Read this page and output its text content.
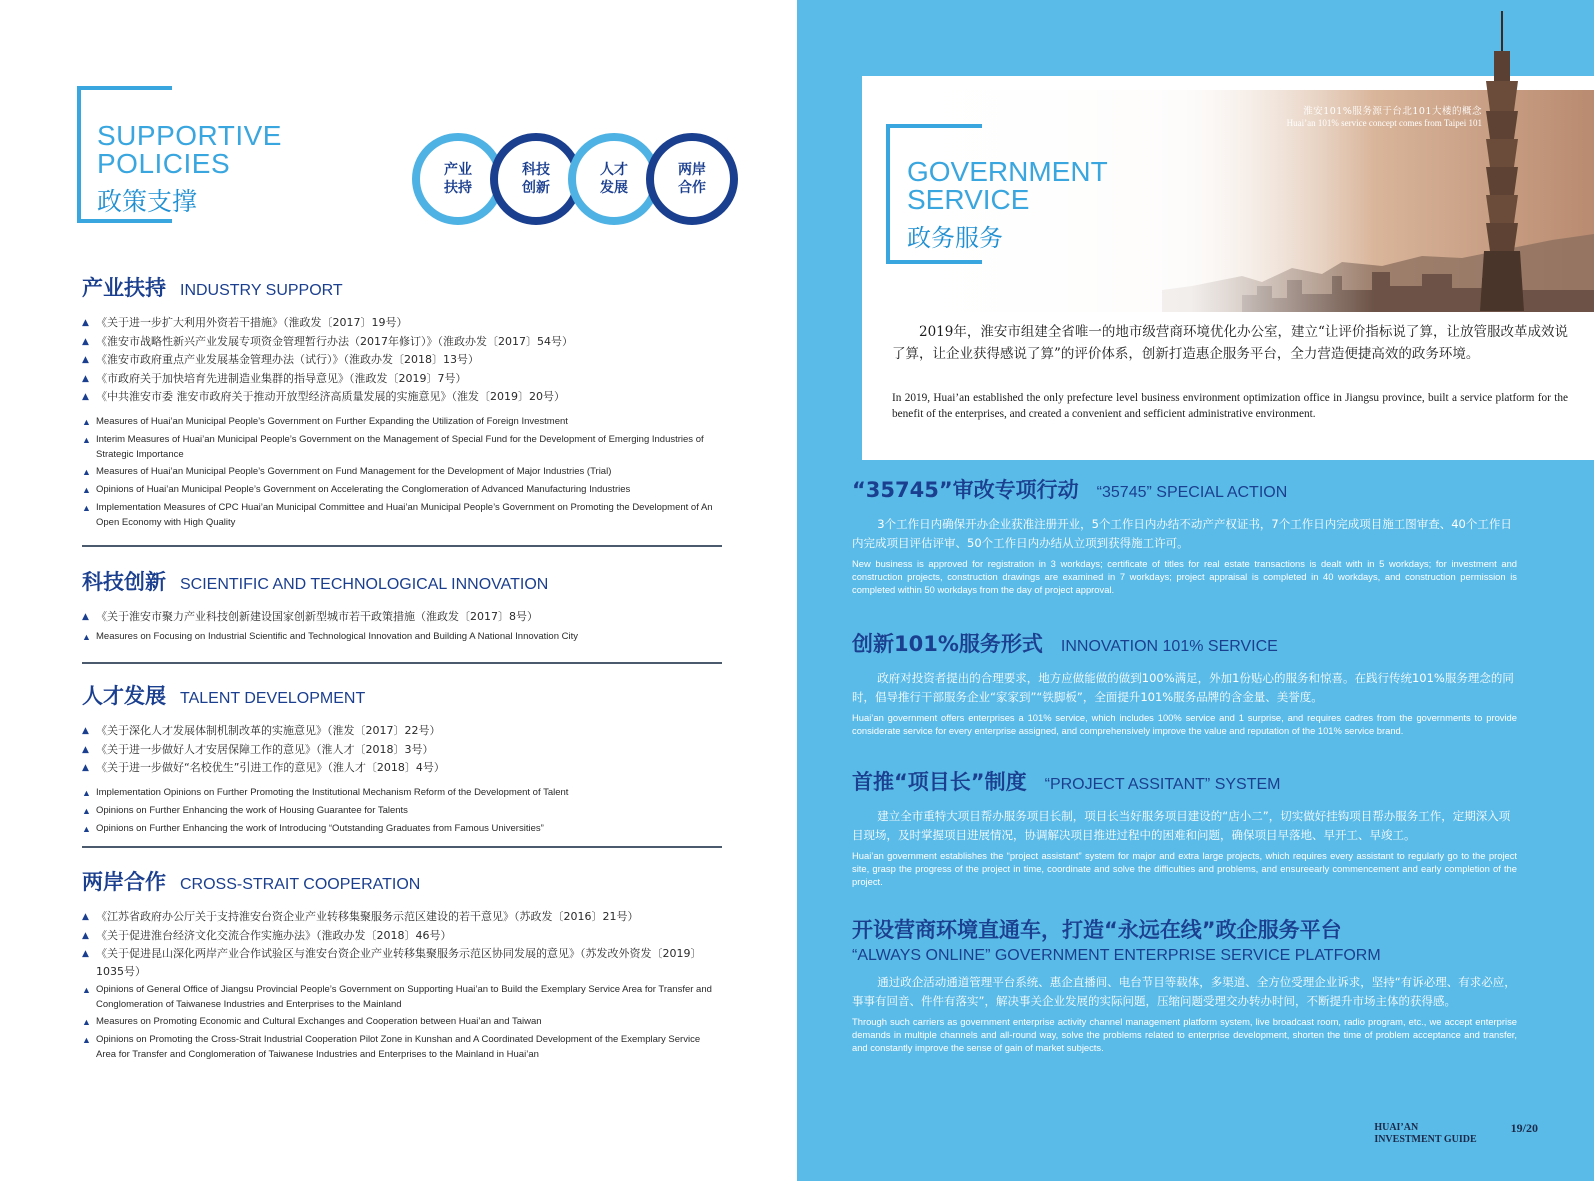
SUPPORTIVE
POLICIES
政策支撑
产业
扶持
科技
创新
人才
发展
两岸
合作
产业扶持 INDUSTRY SUPPORT
▲ 《关于进一步扩大利用外资若干措施》（淮政发〔2017〕19号）
▲ 《淮安市战略性新兴产业发展专项资金管理暂行办法（2017年修订）》（淮政办发〔2017〕54号）
▲ 《淮安市政府重点产业发展基金管理办法（试行）》（淮政办发〔2018〕13号）
▲ 《市政府关于加快培育先进制造业集群的指导意见》（淮政发〔2019〕7号）
▲ 《中共淮安市委 淮安市政府关于推动开放型经济高质量发展的实施意见》（淮发〔2019〕20号）
▲ Measures of Huai’an Municipal People’s Government on Further Expanding the Utilization of Foreign Investment
▲ Interim Measures of Huai’an Municipal People’s Government on the Management of Special Fund for the Development of Emerging Industries of Strategic Importance
▲ Measures of Huai’an Municipal People’s Government on Fund Management for the Development of Major Industries (Trial)
▲ Opinions of Huai’an Municipal People’s Government on Accelerating the Conglomeration of Advanced Manufacturing Industries
▲ Implementation Measures of CPC Huai’an Municipal Committee and Huai’an Municipal People’s Government on Promoting the Development of An Open Economy with High Quality
科技创新 SCIENTIFIC AND TECHNOLOGICAL INNOVATION
▲ 《关于淮安市聚力产业科技创新建设国家创新型城市若干政策措施（淮政发〔2017〕8号）
▲ Measures on Focusing on Industrial Scientific and Technological Innovation and Building A National Innovation City
人才发展 TALENT DEVELOPMENT
▲ 《关于深化人才发展体制机制改革的实施意见》（淮发〔2017〕22号）
▲ 《关于进一步做好人才安居保障工作的意见》（淮人才〔2018〕3号）
▲ 《关于进一步做好“名校优生”引进工作的意见》（淮人才〔2018〕4号）
▲ Implementation Opinions on Further Promoting the Institutional Mechanism Reform of the Development of Talent
▲ Opinions on Further Enhancing the work of Housing Guarantee for Talents
▲ Opinions on Further Enhancing the work of Introducing “Outstanding Graduates from Famous Universities”
两岸合作 CROSS-STRAIT COOPERATION
▲ 《江苏省政府办公厅关于支持淮安台资企业产业转移集聚服务示范区建设的若干意见》（苏政发〔2016〕21号）
▲ 《关于促进淮台经济文化交流合作实施办法》（淮政办发〔2018〕46号）
▲ 《关于促进昆山深化两岸产业合作试验区与淮安台资企业产业转移集聚服务示范区协同发展的意见》（苏发改外资发〔2019〕1035号）
▲ Opinions of General Office of Jiangsu Provincial People’s Government on Supporting Huai’an to Build the Exemplary Service Area for Transfer and Conglomeration of Taiwanese Industries and Enterprises to the Mainland
▲ Measures on Promoting Economic and Cultural Exchanges and Cooperation between Huai’an and Taiwan
▲ Opinions on Promoting the Cross-Strait Industrial Cooperation Pilot Zone in Kunshan and A Coordinated Development of the Exemplary Service Area for Transfer and Conglomeration of Taiwanese Industries and Enterprises to the Mainland in Huai’an
GOVERNMENT
SERVICE
政务服务
淮安101%服务源于台北101大楼的概念
Huai’an 101% service concept comes from Taipei 101
2019年，淮安市组建全省唯一的地市级营商环境优化办公室，建立“让评价指标说了算，让放管服改革成效说了算，让企业获得感说了算”的评价体系，创新打造惠企服务平台，全力营造便捷高效的政务环境。
In 2019, Huai’an established the only prefecture level business environment optimization office in Jiangsu province, built a service platform for the benefit of the enterprises, and created a convenient and sefficient administrative environment.
“35745”审改专项行动 “35745” SPECIAL ACTION
3个工作日内确保开办企业获准注册开业，5个工作日内办结不动产产权证书，7个工作日内完成项目施工图审查、40个工作日内完成项目评估评审、50个工作日内办结从立项到获得施工许可。
New business is approved for registration in 3 workdays; certificate of titles for real estate transactions is dealt with in 5 workdays; for investment and construction projects, construction drawings are examined in 7 workdays; project appraisal is completed in 40 workdays, and construction permission is completed within 50 workdays from the day of project approval.
创新101%服务形式 INNOVATION 101% SERVICE
政府对投资者提出的合理要求，地方应做能做的做到100%满足，外加1份贴心的服务和惊喜。在践行传统101%服务理念的同时，倡导推行干部服务企业“家家到”“铁脚板”，全面提升101%服务品牌的含金量、美誉度。
Huai’an government offers enterprises a 101% service, which includes 100% service and 1 surprise, and requires cadres from the governments to provide considerate service for every enterprise assigned, and comprehensively improve the value and reputation of the 101% service brand.
首推“项目长”制度 “PROJECT ASSITANT” SYSTEM
建立全市重特大项目帮办服务项目长制，项目长当好服务项目建设的“店小二”，切实做好挂钩项目帮办服务工作，定期深入项目现场，及时掌握项目进展情况，协调解决项目推进过程中的困难和问题，确保项目早落地、早开工、早竣工。
Huai’an government establishes the “project assistant” system for major and extra large projects, which requires every assistant to regularly go to the project site, grasp the progress of the project in time, coordinate and solve the difficulties and problems, and ensureearly commencement and early completion of the project.
开设营商环境直通车，打造“永远在线”政企服务平台
“ALWAYS ONLINE” GOVERNMENT ENTERPRISE SERVICE PLATFORM
通过政企活动通道管理平台系统、惠企直播间、电台节目等载体，多渠道、全方位受理企业诉求，坚持“有诉必理、有求必应，事事有回音、件件有落实”，解决事关企业发展的实际问题，压缩问题受理交办转办时间，不断提升市场主体的获得感。
Through such carriers as government enterprise activity channel management platform system, live broadcast room, radio program, etc., we accept enterprise demands in multiple channels and all-round way, solve the problems related to enterprise development, shorten the time of problem acceptance and transfer, and constantly improve the sense of gain of market subjects.
HUAI’AN
INVESTMENT GUIDE
19/20
